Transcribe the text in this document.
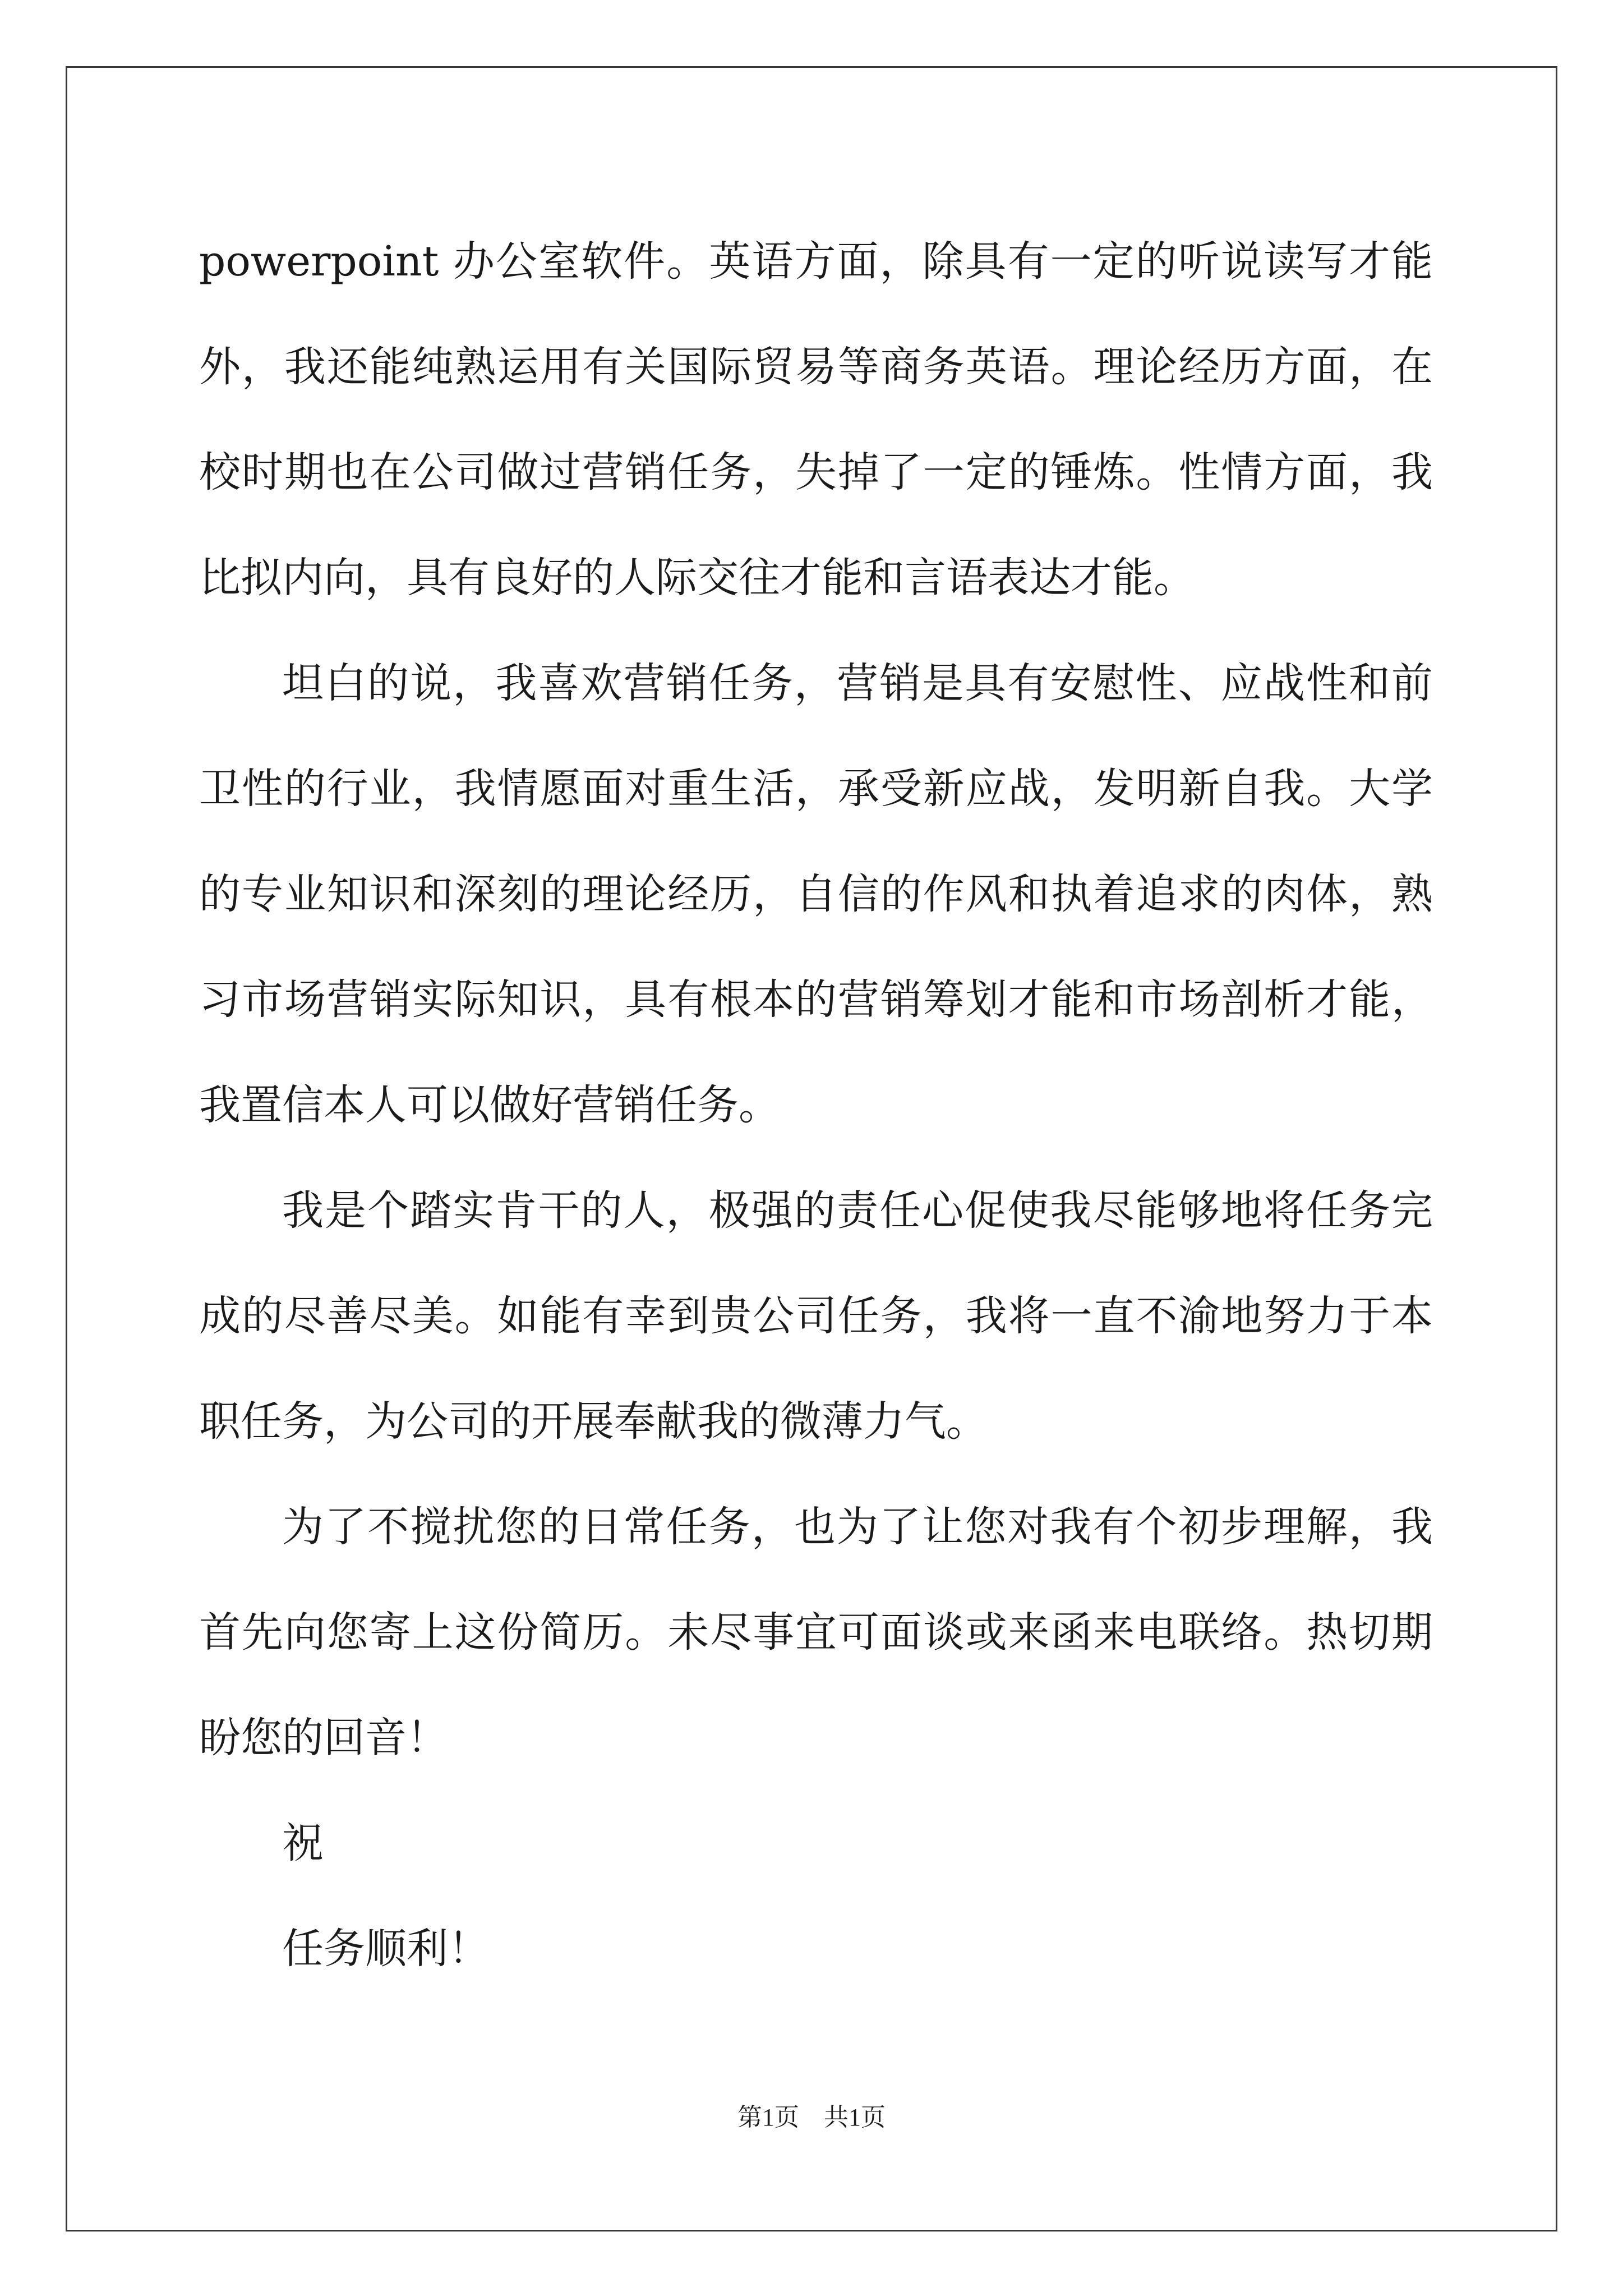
powerpoint 办公室软件。英语方面，除具有一定的听说读写才能外，我还能纯熟运用有关国际贸易等商务英语。理论经历方面，在校时期也在公司做过营销任务，失掉了一定的锤炼。性情方面，我比拟内向，具有良好的人际交往才能和言语表达才能。

坦白的说，我喜欢营销任务，营销是具有安慰性、应战性和前卫性的行业，我情愿面对重生活，承受新应战，发明新自我。大学的专业知识和深刻的理论经历，自信的作风和执着追求的肉体，熟习市场营销实际知识，具有根本的营销筹划才能和市场剖析才能，我置信本人可以做好营销任务。

我是个踏实肯干的人，极强的责任心促使我尽能够地将任务完成的尽善尽美。如能有幸到贵公司任务，我将一直不渝地努力于本职任务，为公司的开展奉献我的微薄力气。

为了不搅扰您的日常任务，也为了让您对我有个初步理解，我首先向您寄上这份简历。未尽事宜可面谈或来函来电联络。热切期盼您的回音！

祝

任务顺利！

第1页　共1页
